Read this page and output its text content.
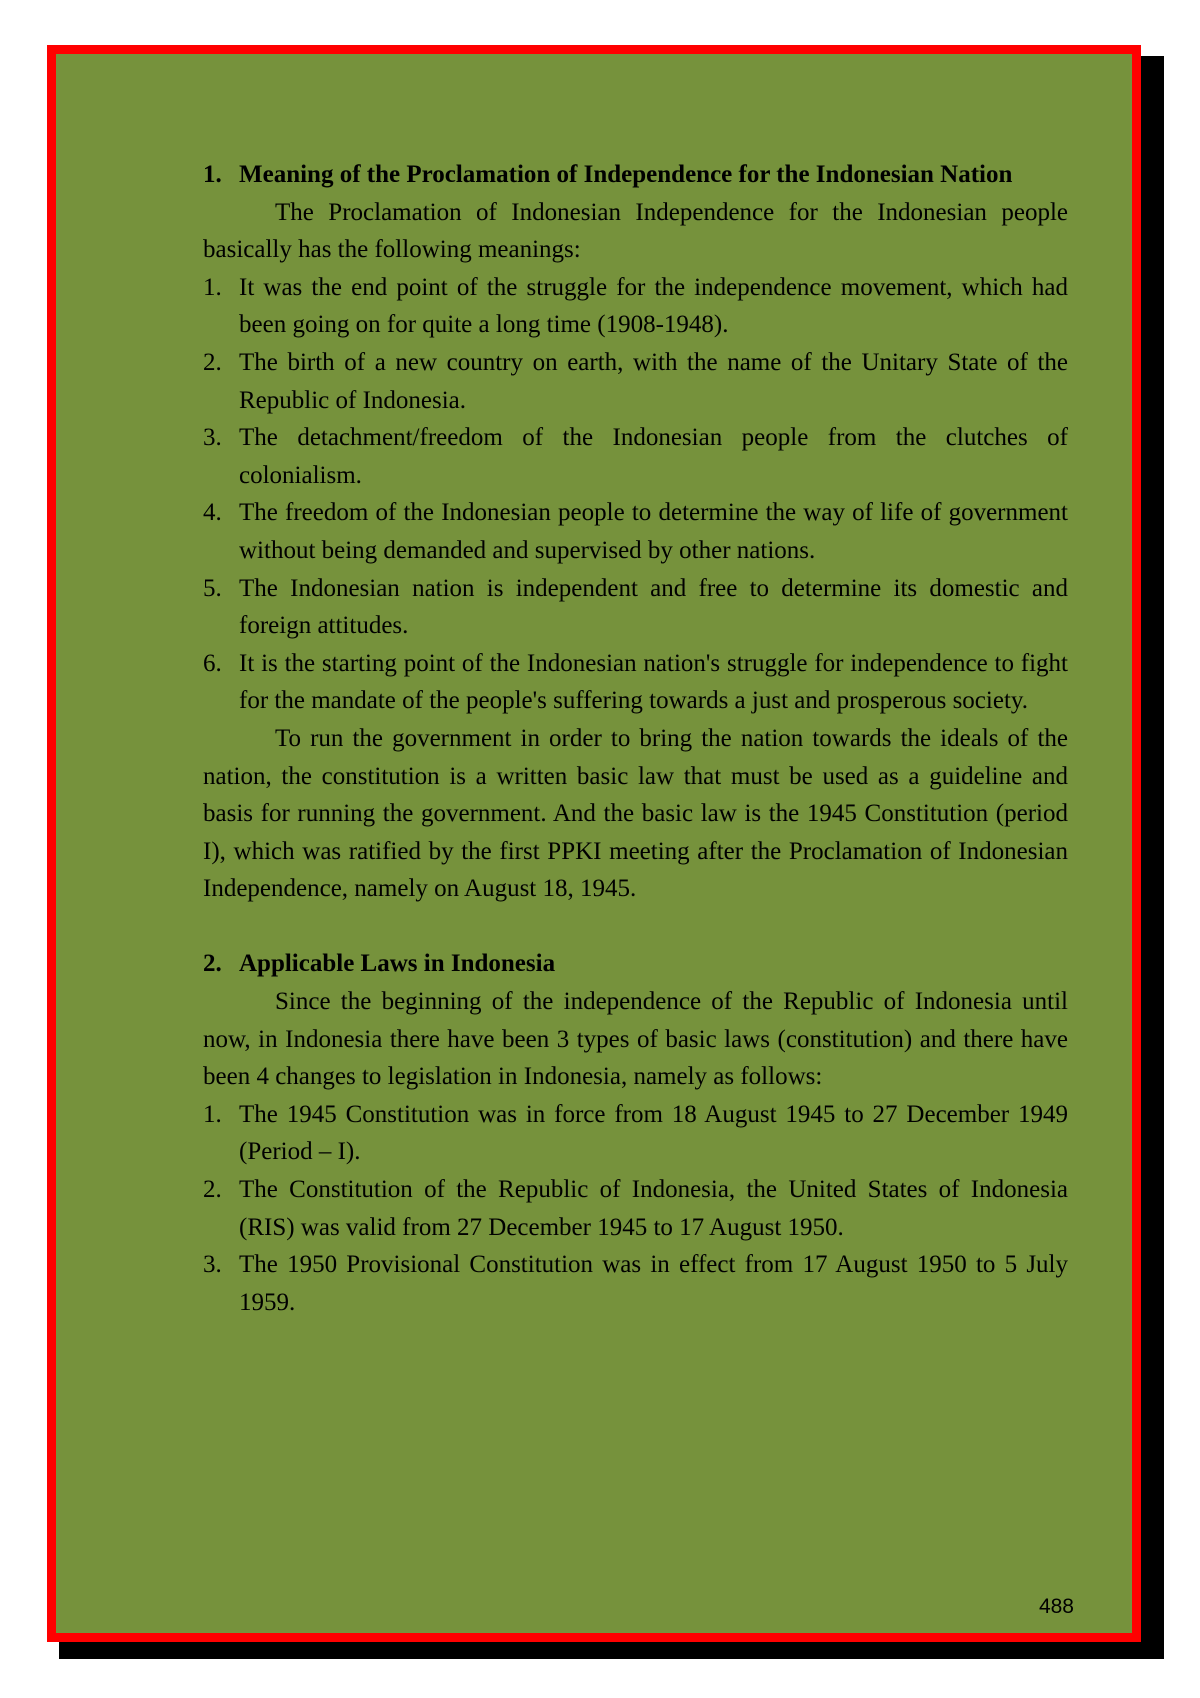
1. Meaning of the Proclamation of Independence for the Indonesian Nation
The Proclamation of Indonesian Independence for the Indonesian people basically has the following meanings:
1. It was the end point of the struggle for the independence movement, which had been going on for quite a long time (1908-1948).
2. The birth of a new country on earth, with the name of the Unitary State of the Republic of Indonesia.
3. The detachment/freedom of the Indonesian people from the clutches of colonialism.
4. The freedom of the Indonesian people to determine the way of life of government without being demanded and supervised by other nations.
5. The Indonesian nation is independent and free to determine its domestic and foreign attitudes.
6. It is the starting point of the Indonesian nation's struggle for independence to fight for the mandate of the people's suffering towards a just and prosperous society.
To run the government in order to bring the nation towards the ideals of the nation, the constitution is a written basic law that must be used as a guideline and basis for running the government. And the basic law is the 1945 Constitution (period I), which was ratified by the first PPKI meeting after the Proclamation of Indonesian Independence, namely on August 18, 1945.
2. Applicable Laws in Indonesia
Since the beginning of the independence of the Republic of Indonesia until now, in Indonesia there have been 3 types of basic laws (constitution) and there have been 4 changes to legislation in Indonesia, namely as follows:
1. The 1945 Constitution was in force from 18 August 1945 to 27 December 1949 (Period – I).
2. The Constitution of the Republic of Indonesia, the United States of Indonesia (RIS) was valid from 27 December 1945 to 17 August 1950.
3. The 1950 Provisional Constitution was in effect from 17 August 1950 to 5 July 1959.
488
